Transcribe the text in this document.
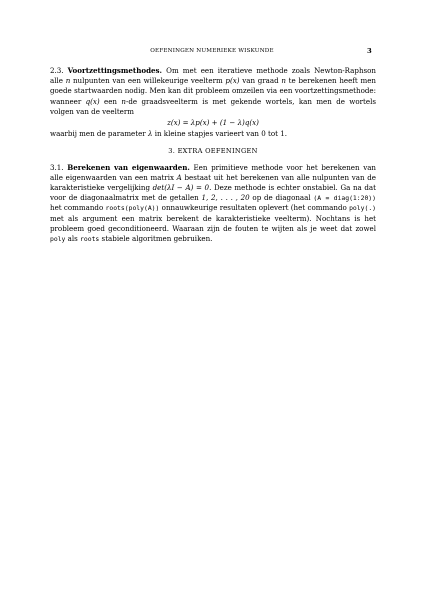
OEFENINGEN NUMERIEKE WISKUNDE	3

2.3. Voortzettingsmethodes. Om met een iteratieve methode zoals Newton-Raphson alle n nulpunten van een willekeurige veelterm p(x) van graad n te berekenen heeft men goede startwaarden nodig. Men kan dit probleem omzeilen via een voortzettingsmethode: wanneer q(x) een n-de graadsveelterm is met gekende wortels, kan men de wortels volgen van de veelterm

z(x) = λp(x) + (1 − λ)q(x)

waarbij men de parameter λ in kleine stapjes varieert van 0 tot 1.

3. EXTRA OEFENINGEN

3.1. Berekenen van eigenwaarden. Een primitieve methode voor het berekenen van alle eigenwaarden van een matrix A bestaat uit het berekenen van alle nulpunten van de karakteristieke vergelijking det(λI − A) = 0. Deze methode is echter onstabiel. Ga na dat voor de diagonaalmatrix met de getallen 1, 2, . . . , 20 op de diagonaal (A = diag(1:20)) het commando roots(poly(A)) onnauwkeurige resultaten oplevert (het commando poly(.) met als argument een matrix berekent de karakteristieke veelterm). Nochtans is het probleem goed geconditioneerd. Waaraan zijn de fouten te wijten als je weet dat zowel poly als roots stabiele algoritmen gebruiken.
